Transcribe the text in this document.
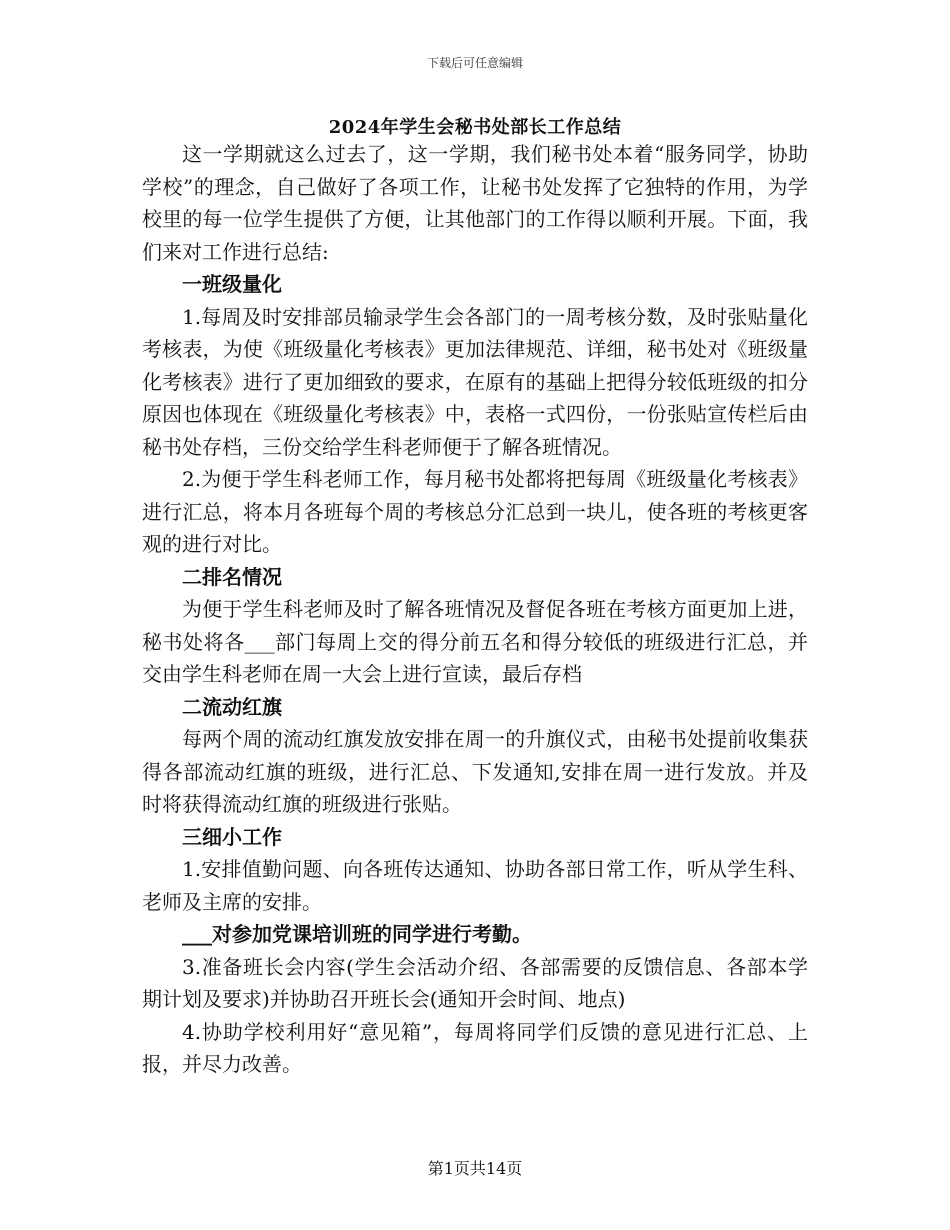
下载后可任意编辑
2024年学生会秘书处部长工作总结

这一学期就这么过去了，这一学期，我们秘书处本着“服务同学，协助学校”的理念，自己做好了各项工作，让秘书处发挥了它独特的作用，为学校里的每一位学生提供了方便，让其他部门的工作得以顺利开展。下面，我们来对工作进行总结:

一班级量化

1.每周及时安排部员输录学生会各部门的一周考核分数，及时张贴量化考核表，为使《班级量化考核表》更加法律规范、详细，秘书处对《班级量化考核表》进行了更加细致的要求，在原有的基础上把得分较低班级的扣分原因也体现在《班级量化考核表》中，表格一式四份，一份张贴宣传栏后由秘书处存档，三份交给学生科老师便于了解各班情况。

2.为便于学生科老师工作，每月秘书处都将把每周《班级量化考核表》进行汇总，将本月各班每个周的考核总分汇总到一块儿，使各班的考核更客观的进行对比。

二排名情况

为便于学生科老师及时了解各班情况及督促各班在考核方面更加上进，秘书处将各___部门每周上交的得分前五名和得分较低的班级进行汇总，并交由学生科老师在周一大会上进行宣读，最后存档

二流动红旗

每两个周的流动红旗发放安排在周一的升旗仪式，由秘书处提前收集获得各部流动红旗的班级，进行汇总、下发通知,安排在周一进行发放。并及时将获得流动红旗的班级进行张贴。

三细小工作

1.安排值勤问题、向各班传达通知、协助各部日常工作，听从学生科、老师及主席的安排。

___对参加党课培训班的同学进行考勤。

3.准备班长会内容(学生会活动介绍、各部需要的反馈信息、各部本学期计划及要求)并协助召开班长会(通知开会时间、地点)

4.协助学校利用好“意见箱”，每周将同学们反馈的意见进行汇总、上报，并尽力改善。

第1页共14页
